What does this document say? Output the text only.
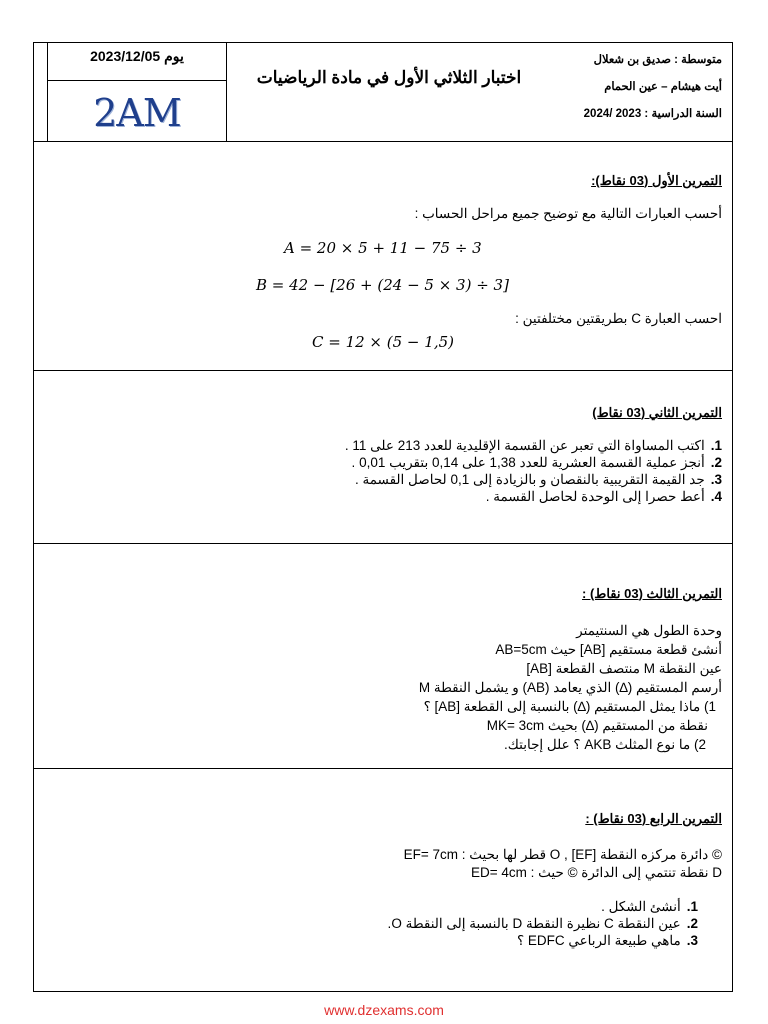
يوم 2023/12/05
2AM
اختبار الثلاثي الأول في مادة الرياضيات
متوسطة : صديق بن شعلال
أيت هيشام – عين الحمام
السنة الدراسية : 2023 /2024
التمرين الأول (03 نقاط):
أحسب العبارات التالية مع توضيح جميع مراحل الحساب :
A = 20 × 5 + 11 − 75 ÷ 3
B = 42 − [26 + (24 − 5 × 3) ÷ 3]
احسب العبارة C بطريقتين مختلفتين :
C = 12 × (5 − 1,5)
التمرين الثاني (03 نقاط)
1.اكتب المساواة التي تعبر عن القسمة الإقليدية للعدد 213 على 11 .
2.أنجز عملية القسمة العشرية للعدد 1,38 على 0,14 بتقريب 0,01 .
3.جد القيمة التقريبية بالنقصان و بالزيادة إلى 0,1 لحاصل القسمة .
4.أعط حصرا إلى الوحدة لحاصل القسمة .
التمرين الثالث (03 نقاط) :
وحدة الطول هي السنتيمتر
أنشئ قطعة مستقيم [AB] حيث AB=5cm
عين النقطة M منتصف القطعة [AB]
أرسم المستقيم (∆) الذي يعامد (AB) و يشمل النقطة M
1) ماذا يمثل المستقيم (∆) بالنسبة إلى القطعة [AB] ؟
نقطة من المستقيم (∆) بحيث MK= 3cm
2) ما نوع المثلث AKB ؟ علل إجابتك.
التمرين الرابع (03 نقاط) :
© دائرة مركزه النقطة O , [EF] قطر لها بحيث : EF= 7cm
D نقطة تنتمي إلى الدائرة © حيث : ED= 4cm
1.أنشئ الشكل .
2.عين النقطة C نظيرة النقطة D بالنسبة إلى النقطة O.
3.ماهي طبيعة الرباعي EDFC ؟
www.dzexams.com
